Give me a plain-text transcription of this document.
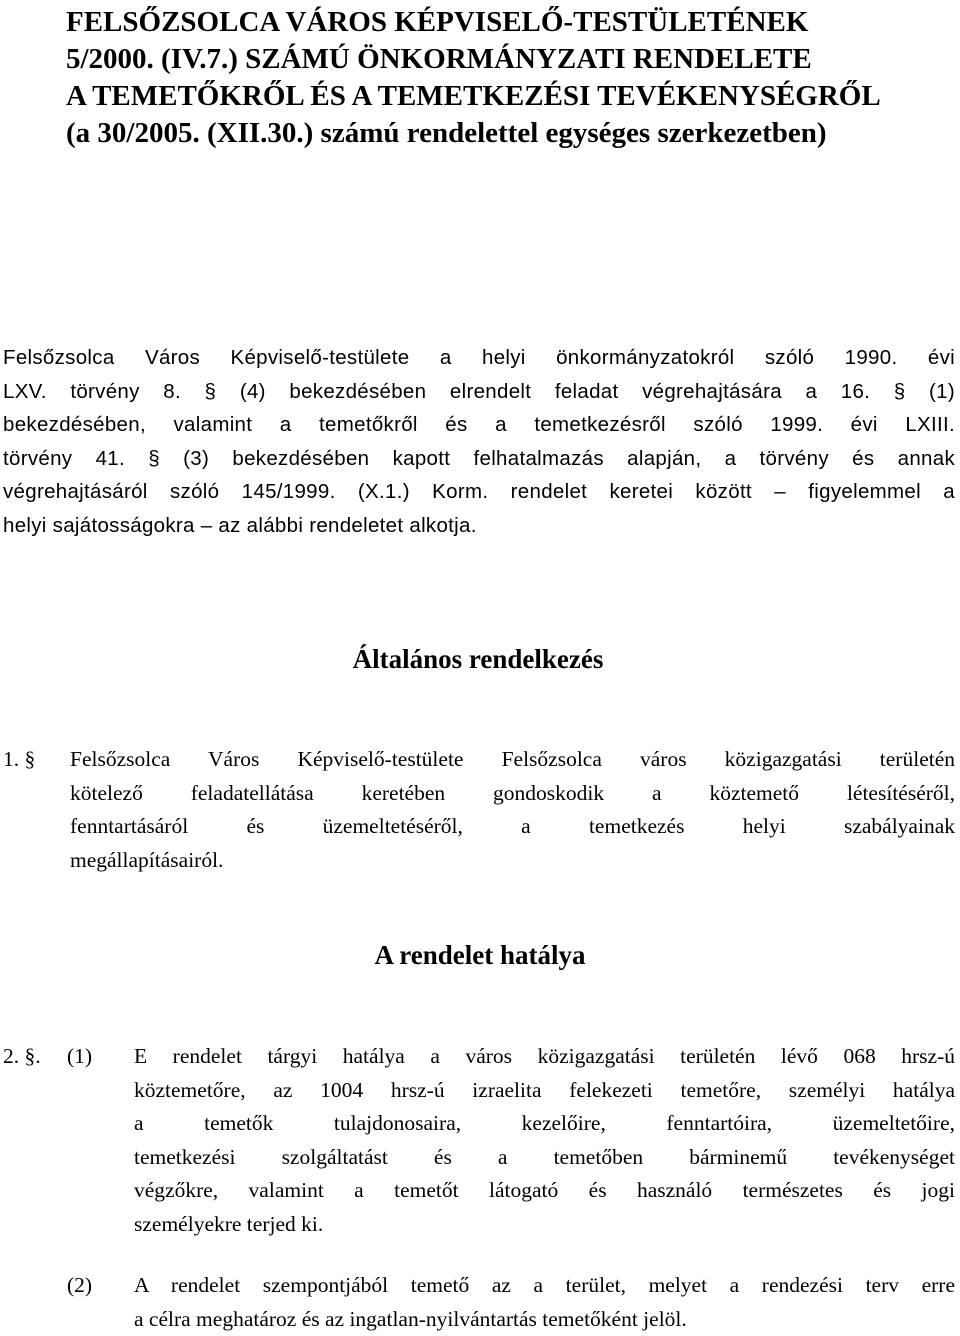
FELSŐZSOLCA VÁROS KÉPVISELŐ-TESTÜLETÉNEK
5/2000. (IV.7.) SZÁMÚ ÖNKORMÁNYZATI RENDELETE
A TEMETŐKRŐL ÉS A TEMETKEZÉSI TEVÉKENYSÉGRŐL
(a 30/2005. (XII.30.) számú rendelettel egységes szerkezetben)
Felsőzsolca Város Képviselő-testülete a helyi önkormányzatokról szóló 1990. évi
LXV. törvény 8. § (4) bekezdésében elrendelt feladat végrehajtására a 16. § (1)
bekezdésében, valamint a temetőkről és a temetkezésről szóló 1999. évi LXIII.
törvény 41. § (3) bekezdésében kapott felhatalmazás alapján, a törvény és annak
végrehajtásáról szóló 145/1999. (X.1.) Korm. rendelet keretei között – figyelemmel a
helyi sajátosságokra – az alábbi rendeletet alkotja.
Általános rendelkezés
1. § Felsőzsolca Város Képviselő-testülete Felsőzsolca város közigazgatási területén
kötelező feladatellátása keretében gondoskodik a köztemető létesítéséről,
fenntartásáról és üzemeltetéséről, a temetkezés helyi szabályainak
megállapításairól.
A rendelet hatálya
2. §. (1) E rendelet tárgyi hatálya a város közigazgatási területén lévő 068 hrsz-ú
köztemetőre, az 1004 hrsz-ú izraelita felekezeti temetőre, személyi hatálya
a temetők tulajdonosaira, kezelőire, fenntartóira, üzemeltetőire,
temetkezési szolgáltatást és a temetőben bárminemű tevékenységet
végzőkre, valamint a temetőt látogató és használó természetes és jogi
személyekre terjed ki.
(2) A rendelet szempontjából temető az a terület, melyet a rendezési terv erre
a célra meghatároz és az ingatlan-nyilvántartás temetőként jelöl.
